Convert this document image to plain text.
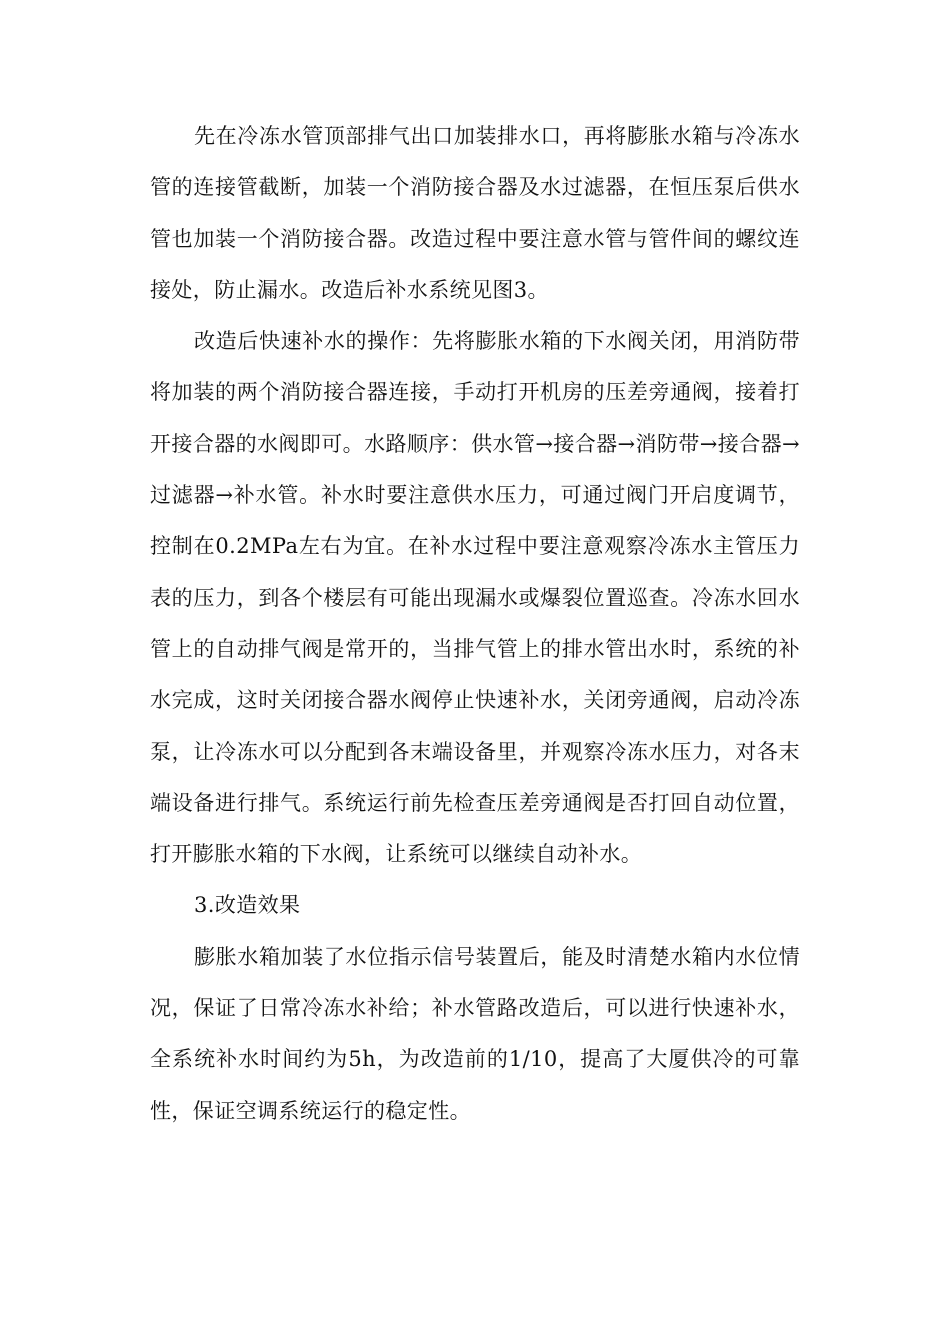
先在冷冻水管顶部排气出口加装排水口，再将膨胀水箱与冷冻水管的连接管截断，加装一个消防接合器及水过滤器，在恒压泵后供水管也加装一个消防接合器。改造过程中要注意水管与管件间的螺纹连接处，防止漏水。改造后补水系统见图3。

改造后快速补水的操作：先将膨胀水箱的下水阀关闭，用消防带将加装的两个消防接合器连接，手动打开机房的压差旁通阀，接着打开接合器的水阀即可。水路顺序：供水管→接合器→消防带→接合器→过滤器→补水管。补水时要注意供水压力，可通过阀门开启度调节，控制在0.2MPa左右为宜。在补水过程中要注意观察冷冻水主管压力表的压力，到各个楼层有可能出现漏水或爆裂位置巡查。冷冻水回水管上的自动排气阀是常开的，当排气管上的排水管出水时，系统的补水完成，这时关闭接合器水阀停止快速补水，关闭旁通阀，启动冷冻泵，让冷冻水可以分配到各末端设备里，并观察冷冻水压力，对各末端设备进行排气。系统运行前先检查压差旁通阀是否打回自动位置，打开膨胀水箱的下水阀，让系统可以继续自动补水。

3.改造效果

膨胀水箱加装了水位指示信号装置后，能及时清楚水箱内水位情况，保证了日常冷冻水补给；补水管路改造后，可以进行快速补水，全系统补水时间约为5h，为改造前的1/10，提高了大厦供冷的可靠性，保证空调系统运行的稳定性。
